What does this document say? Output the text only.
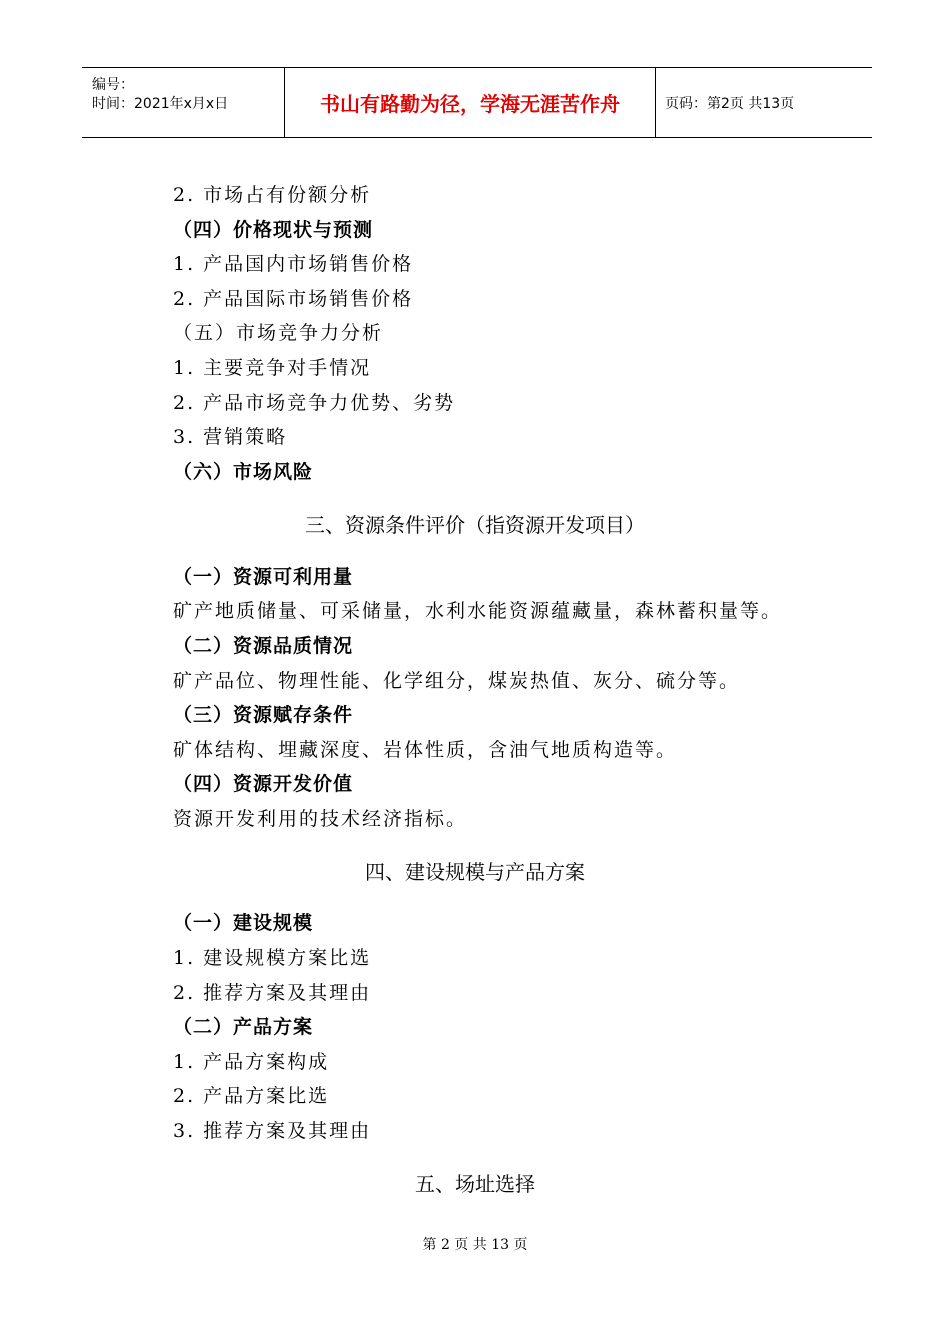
编号：
时间：2021年x月x日	书山有路勤为径，学海无涯苦作舟	页码：第2页 共13页
2. 市场占有份额分析
（四）价格现状与预测
1. 产品国内市场销售价格
2. 产品国际市场销售价格
（五）市场竞争力分析
1. 主要竞争对手情况
2. 产品市场竞争力优势、劣势
3. 营销策略
（六）市场风险
三、资源条件评价（指资源开发项目）
（一）资源可利用量
矿产地质储量、可采储量，水利水能资源蕴藏量，森林蓄积量等。
（二）资源品质情况
矿产品位、物理性能、化学组分，煤炭热值、灰分、硫分等。
（三）资源赋存条件
矿体结构、埋藏深度、岩体性质，含油气地质构造等。
（四）资源开发价值
资源开发利用的技术经济指标。
四、建设规模与产品方案
（一）建设规模
1. 建设规模方案比选
2. 推荐方案及其理由
（二）产品方案
1. 产品方案构成
2. 产品方案比选
3. 推荐方案及其理由
五、场址选择
第 2 页 共 13 页
